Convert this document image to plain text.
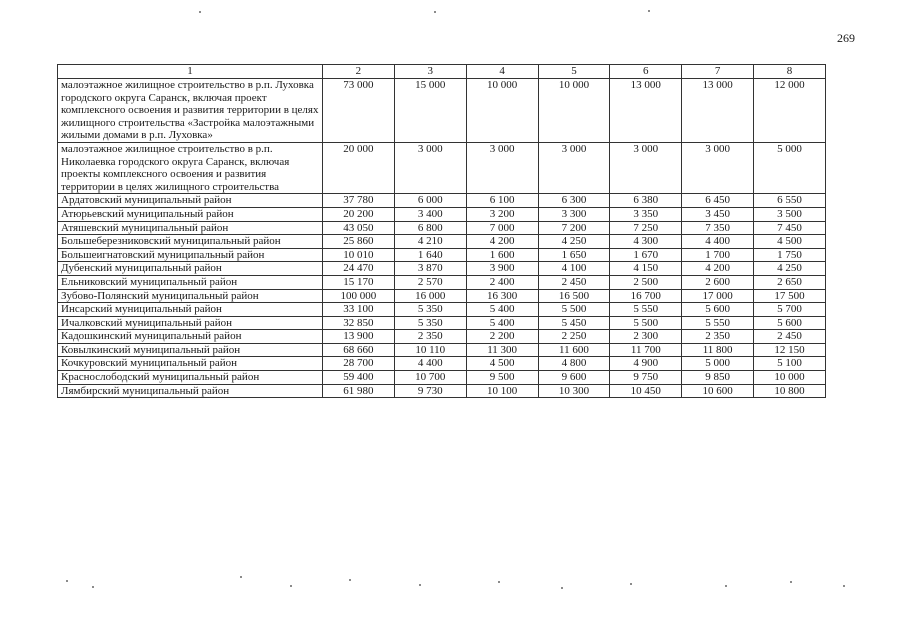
269
1	2	3	4	5	6	7	8
малоэтажное жилищное строительство в р.п. Луховка городского округа Саранск, включая проект комплексного освоения и развития территории в целях жилищного строительства «Застройка малоэтажными жилыми домами в р.п. Луховка»	73 000	15 000	10 000	10 000	13 000	13 000	12 000
малоэтажное жилищное строительство в р.п. Николаевка городского округа Саранск, включая проекты комплексного освоения и развития территории в целях жилищного строительства	20 000	3 000	3 000	3 000	3 000	3 000	5 000
Ардатовский муниципальный район	37 780	6 000	6 100	6 300	6 380	6 450	6 550
Атюрьевский муниципальный район	20 200	3 400	3 200	3 300	3 350	3 450	3 500
Атяшевский муниципальный район	43 050	6 800	7 000	7 200	7 250	7 350	7 450
Большеберезниковский муниципальный район	25 860	4 210	4 200	4 250	4 300	4 400	4 500
Большеигнатовский муниципальный район	10 010	1 640	1 600	1 650	1 670	1 700	1 750
Дубенский муниципальный район	24 470	3 870	3 900	4 100	4 150	4 200	4 250
Ельниковский муниципальный район	15 170	2 570	2 400	2 450	2 500	2 600	2 650
Зубово-Полянский муниципальный район	100 000	16 000	16 300	16 500	16 700	17 000	17 500
Инсарский муниципальный район	33 100	5 350	5 400	5 500	5 550	5 600	5 700
Ичалковский муниципальный район	32 850	5 350	5 400	5 450	5 500	5 550	5 600
Кадошкинский муниципальный район	13 900	2 350	2 200	2 250	2 300	2 350	2 450
Ковылкинский муниципальный район	68 660	10 110	11 300	11 600	11 700	11 800	12 150
Кочкуровский муниципальный район	28 700	4 400	4 500	4 800	4 900	5 000	5 100
Краснослободский муниципальный район	59 400	10 700	9 500	9 600	9 750	9 850	10 000
Лямбирский муниципальный район	61 980	9 730	10 100	10 300	10 450	10 600	10 800
